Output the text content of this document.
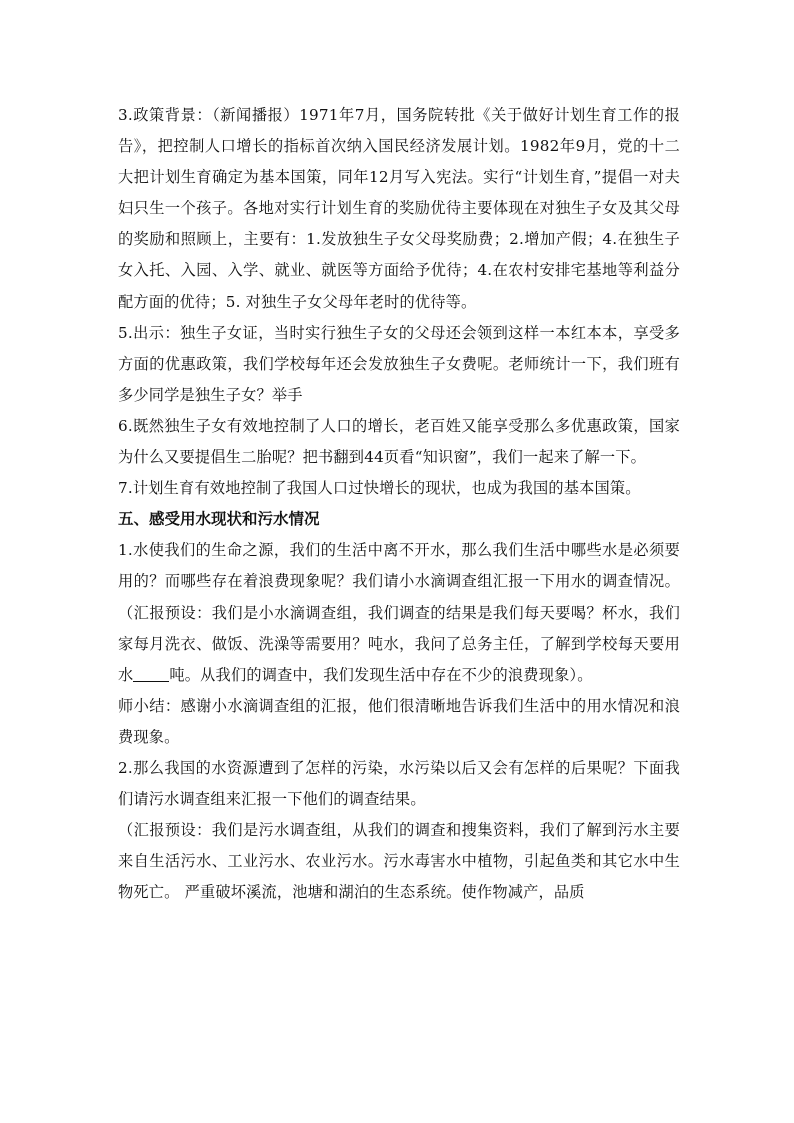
3.政策背景：（新闻播报）1971年7月，国务院转批《关于做好计划生育工作的报告》，把控制人口增长的指标首次纳入国民经济发展计划。1982年9月，党的十二大把计划生育确定为基本国策，同年12月写入宪法。实行“计划生育，”提倡一对夫妇只生一个孩子。各地对实行计划生育的奖励优待主要体现在对独生子女及其父母的奖励和照顾上，主要有：1.发放独生子女父母奖励费；2.增加产假；4.在独生子女入托、入园、入学、就业、就医等方面给予优待；4.在农村安排宅基地等利益分配方面的优待；5. 对独生子女父母年老时的优待等。

5.出示：独生子女证，当时实行独生子女的父母还会领到这样一本红本本，享受多方面的优惠政策，我们学校每年还会发放独生子女费呢。老师统计一下，我们班有多少同学是独生子女？举手

6.既然独生子女有效地控制了人口的增长，老百姓又能享受那么多优惠政策，国家为什么又要提倡生二胎呢？把书翻到44页看“知识窗”，我们一起来了解一下。

7.计划生育有效地控制了我国人口过快增长的现状，也成为我国的基本国策。

五、感受用水现状和污水情况

1.水使我们的生命之源，我们的生活中离不开水，那么我们生活中哪些水是必须要用的？而哪些存在着浪费现象呢？我们请小水滴调查组汇报一下用水的调查情况。（汇报预设：我们是小水滴调查组，我们调查的结果是我们每天要喝？杯水，我们家每月洗衣、做饭、洗澡等需要用？吨水，我问了总务主任，了解到学校每天要用水 吨。从我们的调查中，我们发现生活中存在不少的浪费现象）。

师小结：感谢小水滴调查组的汇报，他们很清晰地告诉我们生活中的用水情况和浪费现象。

2.那么我国的水资源遭到了怎样的污染，水污染以后又会有怎样的后果呢？下面我们请污水调查组来汇报一下他们的调查结果。

（汇报预设：我们是污水调查组，从我们的调查和搜集资料，我们了解到污水主要来自生活污水、工业污水、农业污水。污水毒害水中植物，引起鱼类和其它水中生物死亡。 严重破坏溪流，池塘和湖泊的生态系统。使作物减产，品质
